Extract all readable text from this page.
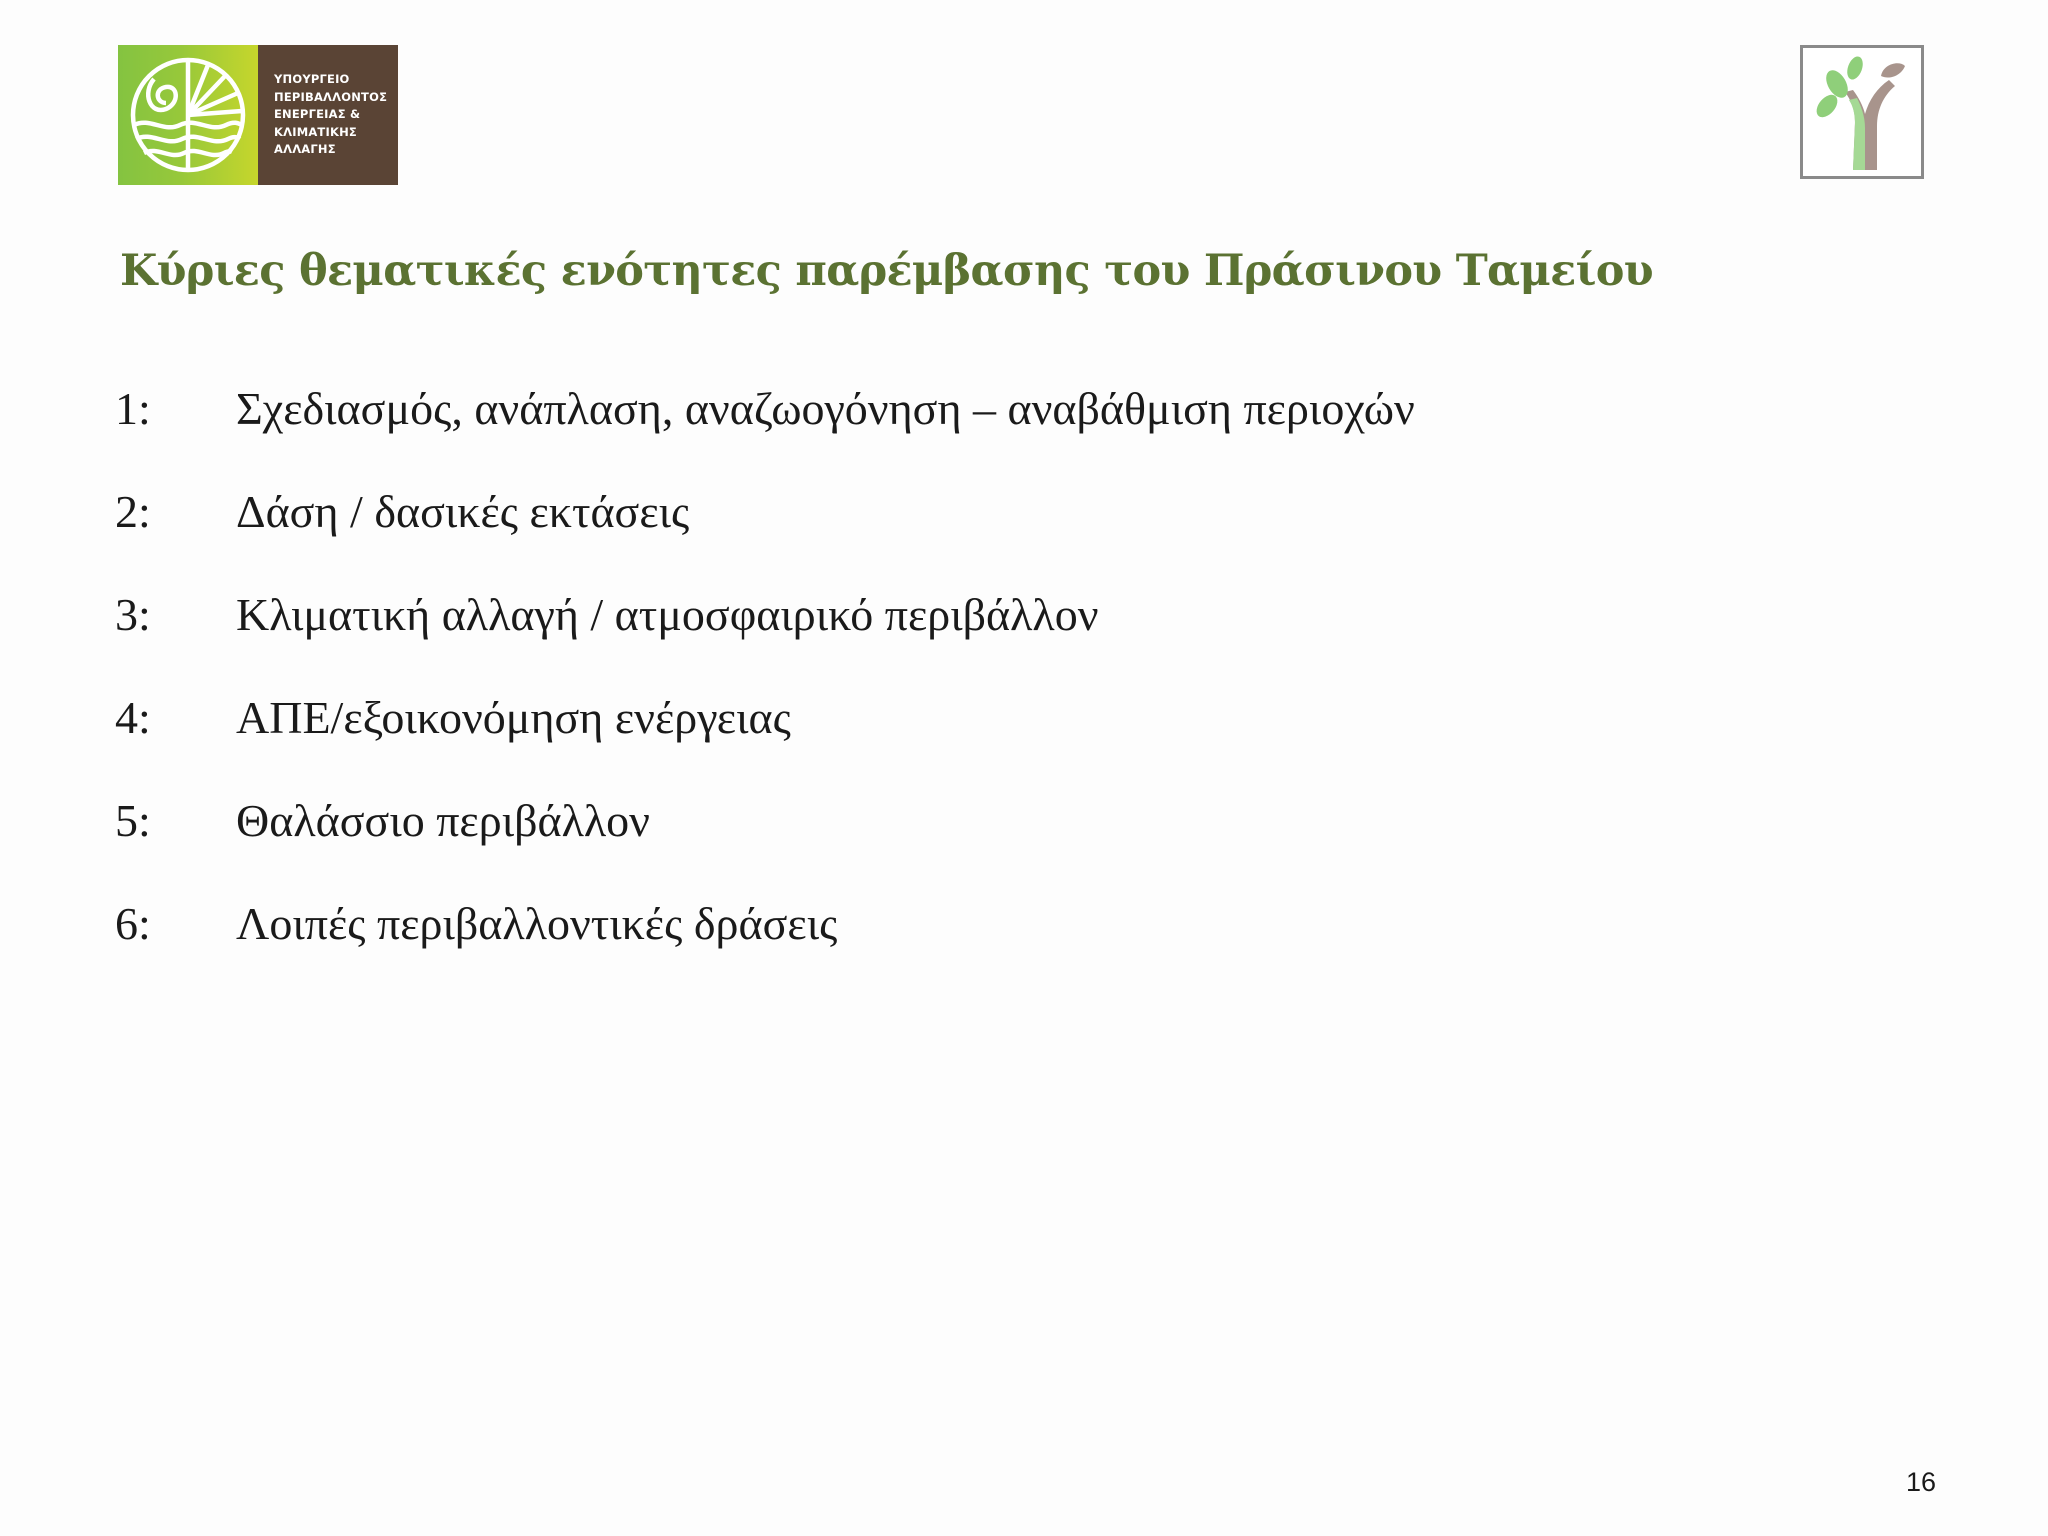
ΥΠΟΥΡΓΕΙΟ
ΠΕΡΙΒΑΛΛΟΝΤΟΣ
ΕΝΕΡΓΕΙΑΣ &
ΚΛΙΜΑΤΙΚΗΣ
ΑΛΛΑΓΗΣ
Κύριες θεματικές ενότητες παρέμβασης του Πράσινου Ταμείου
1:	Σχεδιασμός, ανάπλαση, αναζωογόνηση – αναβάθμιση περιοχών
2:	Δάση / δασικές εκτάσεις
3:	Κλιματική αλλαγή / ατμοσφαιρικό περιβάλλον
4:	ΑΠΕ/εξοικονόμηση ενέργειας
5:	Θαλάσσιο περιβάλλον
6:	Λοιπές περιβαλλοντικές δράσεις
16
